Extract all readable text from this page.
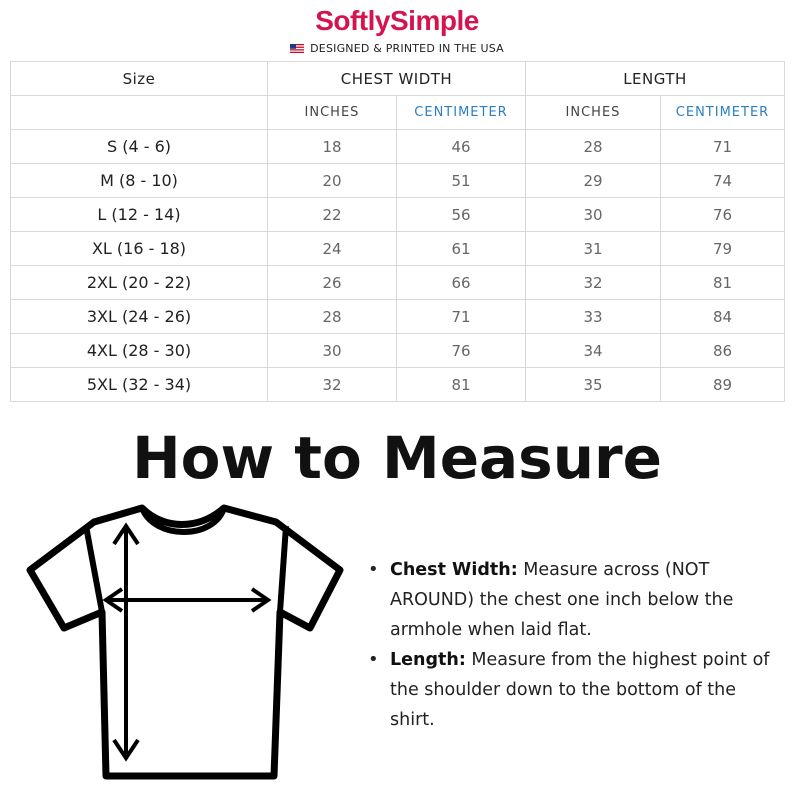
SoftlySimple
DESIGNED & PRINTED IN THE USA
Size	CHEST WIDTH		LENGTH	
	INCHES	CENTIMETER	INCHES	CENTIMETER
S (4 - 6)	18	46	28	71
M (8 - 10)	20	51	29	74
L (12 - 14)	22	56	30	76
XL (16 - 18)	24	61	31	79
2XL (20 - 22)	26	66	32	81
3XL (24 - 26)	28	71	33	84
4XL (28 - 30)	30	76	34	86
5XL (32 - 34)	32	81	35	89
How to Measure
• Chest Width: Measure across (NOT AROUND) the chest one inch below the armhole when laid flat.
• Length: Measure from the highest point of the shoulder down to the bottom of the shirt.
